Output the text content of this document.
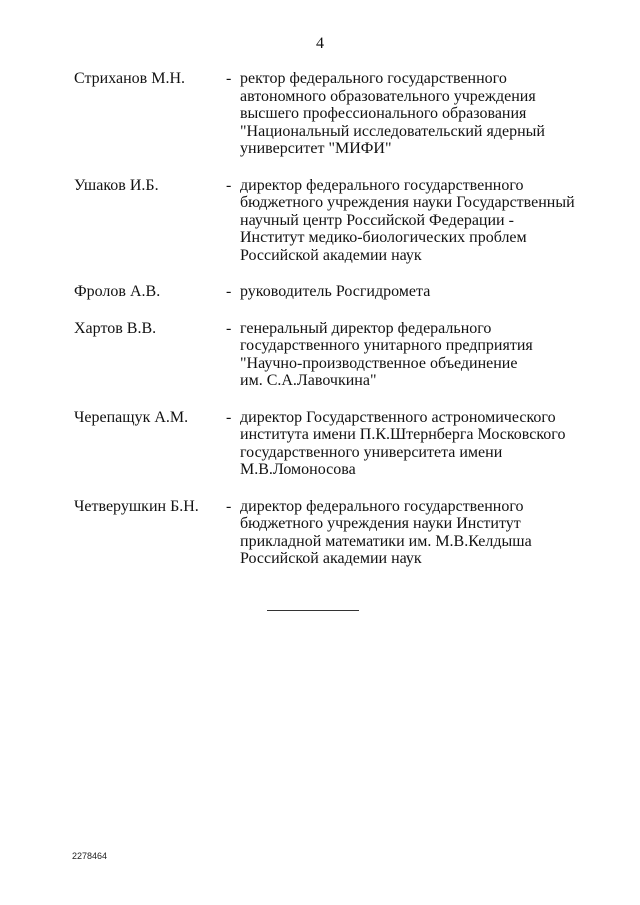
4
Стриханов М.Н.	- ректор федерального государственного
автономного образовательного учреждения
высшего профессионального образования
"Национальный исследовательский ядерный
университет "МИФИ"
Ушаков И.Б.	- директор федерального государственного
бюджетного учреждения науки Государственный
научный центр Российской Федерации -
Институт медико-биологических проблем
Российской академии наук
Фролов А.В.	- руководитель Росгидромета
Хартов В.В.	- генеральный директор федерального
государственного унитарного предприятия
"Научно-производственное объединение
им. С.А.Лавочкина"
Черепащук А.М.	- директор Государственного астрономического
института имени П.К.Штернберга Московского
государственного университета имени
М.В.Ломоносова
Четверушкин Б.Н.	- директор федерального государственного
бюджетного учреждения науки Институт
прикладной математики им. М.В.Келдыша
Российской академии наук
2278464
